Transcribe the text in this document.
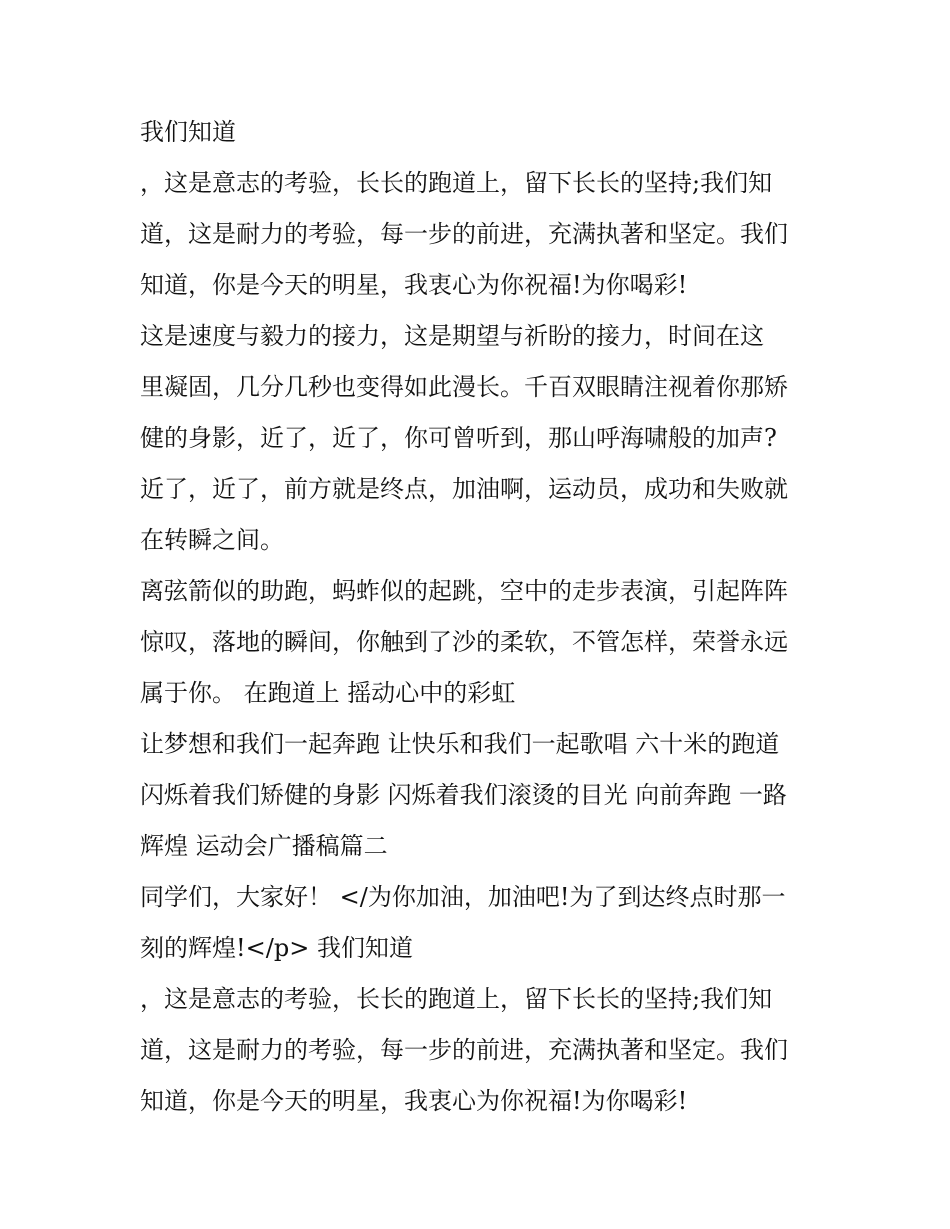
我们知道
，这是意志的考验，长长的跑道上，留下长长的坚持;我们知
道，这是耐力的考验，每一步的前进，充满执著和坚定。我们
知道，你是今天的明星，我衷心为你祝福!为你喝彩!
这是速度与毅力的接力，这是期望与祈盼的接力，时间在这
里凝固，几分几秒也变得如此漫长。千百双眼睛注视着你那矫
健的身影，近了，近了，你可曾听到，那山呼海啸般的加声?
近了，近了，前方就是终点，加油啊，运动员，成功和失败就
在转瞬之间。
离弦箭似的助跑，蚂蚱似的起跳，空中的走步表演，引起阵阵
惊叹，落地的瞬间，你触到了沙的柔软，不管怎样，荣誉永远
属于你。 在跑道上 摇动心中的彩虹
让梦想和我们一起奔跑 让快乐和我们一起歌唱 六十米的跑道
闪烁着我们矫健的身影 闪烁着我们滚烫的目光 向前奔跑 一路
辉煌 运动会广播稿篇二
同学们，大家好！ </为你加油，加油吧!为了到达终点时那一
刻的辉煌!</p> 我们知道
，这是意志的考验，长长的跑道上，留下长长的坚持;我们知
道，这是耐力的考验，每一步的前进，充满执著和坚定。我们
知道，你是今天的明星，我衷心为你祝福!为你喝彩!
